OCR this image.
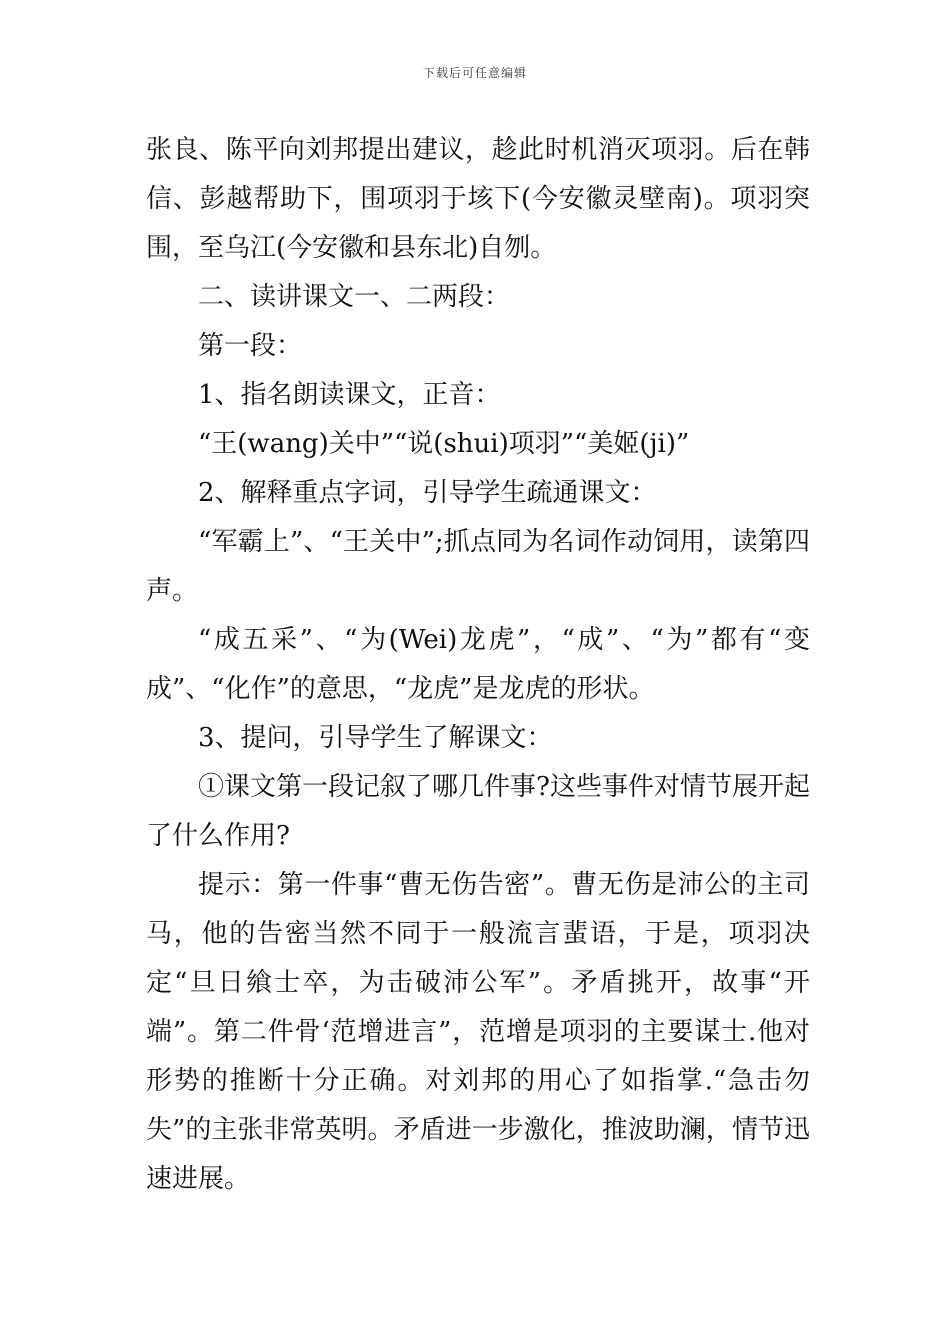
下载后可任意编辑

张良、陈平向刘邦提出建议，趁此时机消灭项羽。后在韩信、彭越帮助下，围项羽于垓下(今安徽灵壁南)。项羽突围，至乌江(今安徽和县东北)自刎。

二、读讲课文一、二两段：

第一段：

1、指名朗读课文，正音：

“王(wang)关中”“说(shui)项羽”“美姬(ji)”

2、解释重点字词，引导学生疏通课文：

“军霸上”、“王关中”;抓点同为名词作动饲用，读第四声。

“成五采”、“为(Wei)龙虎”，“成”、“为”都有“变成”、“化作”的意思，“龙虎”是龙虎的形状。

3、提问，引导学生了解课文：

①课文第一段记叙了哪几件事?这些事件对情节展开起了什么作用?

提示：第一件事“曹无伤告密”。曹无伤是沛公的主司马，他的告密当然不同于一般流言蜚语，于是，项羽决定“旦日飨士卒，为击破沛公军”。矛盾挑开，故事“开端”。第二件骨‘范增进言”，范增是项羽的主要谋士.他对形势的推断十分正确。对刘邦的用心了如指掌.“急击勿失”的主张非常英明。矛盾进一步激化，推波助澜，情节迅速进展。
